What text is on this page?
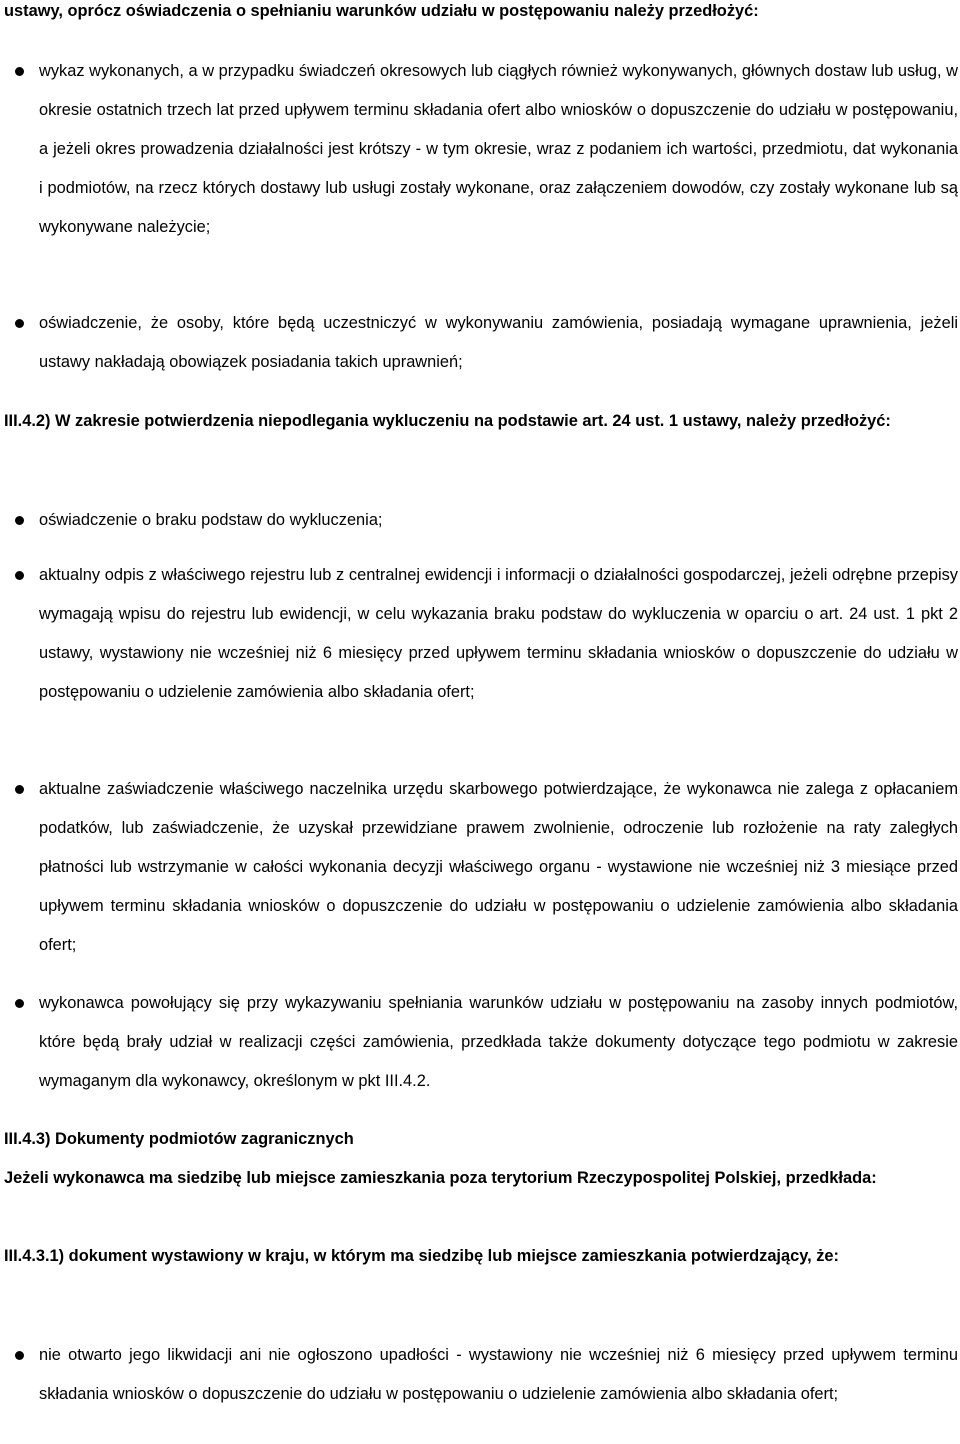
ustawy, oprócz oświadczenia o spełnianiu warunków udziału w postępowaniu należy przedłożyć:

wykaz wykonanych, a w przypadku świadczeń okresowych lub ciągłych również wykonywanych, głównych dostaw lub usług, w okresie ostatnich trzech lat przed upływem terminu składania ofert albo wniosków o dopuszczenie do udziału w postępowaniu, a jeżeli okres prowadzenia działalności jest krótszy - w tym okresie, wraz z podaniem ich wartości, przedmiotu, dat wykonania i podmiotów, na rzecz których dostawy lub usługi zostały wykonane, oraz załączeniem dowodów, czy zostały wykonane lub są wykonywane należycie;
oświadczenie, że osoby, które będą uczestniczyć w wykonywaniu zamówienia, posiadają wymagane uprawnienia, jeżeli ustawy nakładają obowiązek posiadania takich uprawnień;

III.4.2) W zakresie potwierdzenia niepodlegania wykluczeniu na podstawie art. 24 ust. 1 ustawy, należy przedłożyć:

oświadczenie o braku podstaw do wykluczenia;
aktualny odpis z właściwego rejestru lub z centralnej ewidencji i informacji o działalności gospodarczej, jeżeli odrębne przepisy wymagają wpisu do rejestru lub ewidencji, w celu wykazania braku podstaw do wykluczenia w oparciu o art. 24 ust. 1 pkt 2 ustawy, wystawiony nie wcześniej niż 6 miesięcy przed upływem terminu składania wniosków o dopuszczenie do udziału w postępowaniu o udzielenie zamówienia albo składania ofert;
aktualne zaświadczenie właściwego naczelnika urzędu skarbowego potwierdzające, że wykonawca nie zalega z opłacaniem podatków, lub zaświadczenie, że uzyskał przewidziane prawem zwolnienie, odroczenie lub rozłożenie na raty zaległych płatności lub wstrzymanie w całości wykonania decyzji właściwego organu - wystawione nie wcześniej niż 3 miesiące przed upływem terminu składania wniosków o dopuszczenie do udziału w postępowaniu o udzielenie zamówienia albo składania ofert;
wykonawca powołujący się przy wykazywaniu spełniania warunków udziału w postępowaniu na zasoby innych podmiotów, które będą brały udział w realizacji części zamówienia, przedkłada także dokumenty dotyczące tego podmiotu w zakresie wymaganym dla wykonawcy, określonym w pkt III.4.2.

III.4.3) Dokumenty podmiotów zagranicznych

Jeżeli wykonawca ma siedzibę lub miejsce zamieszkania poza terytorium Rzeczypospolitej Polskiej, przedkłada:

III.4.3.1) dokument wystawiony w kraju, w którym ma siedzibę lub miejsce zamieszkania potwierdzający, że:

nie otwarto jego likwidacji ani nie ogłoszono upadłości - wystawiony nie wcześniej niż 6 miesięcy przed upływem terminu składania wniosków o dopuszczenie do udziału w postępowaniu o udzielenie zamówienia albo składania ofert;
